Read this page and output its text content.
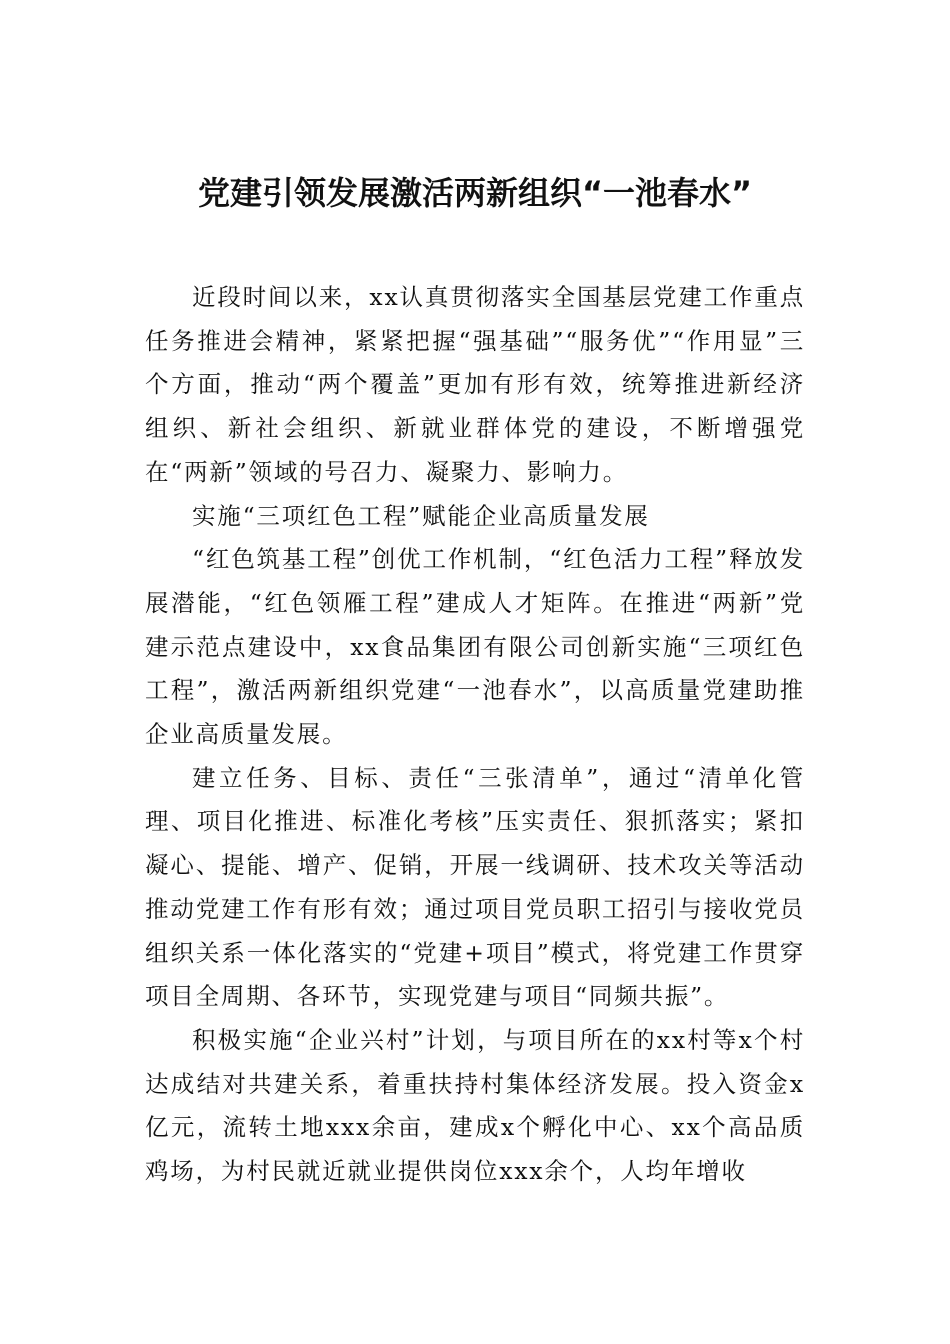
党建引领发展激活两新组织“一池春水”

近段时间以来，xx认真贯彻落实全国基层党建工作重点任务推进会精神，紧紧把握“强基础”“服务优”“作用显”三个方面，推动“两个覆盖”更加有形有效，统筹推进新经济组织、新社会组织、新就业群体党的建设，不断增强党在“两新”领域的号召力、凝聚力、影响力。

实施“三项红色工程”赋能企业高质量发展

“红色筑基工程”创优工作机制，“红色活力工程”释放发展潜能，“红色领雁工程”建成人才矩阵。在推进“两新”党建示范点建设中，xx食品集团有限公司创新实施“三项红色工程”，激活两新组织党建“一池春水”，以高质量党建助推企业高质量发展。

建立任务、目标、责任“三张清单”，通过“清单化管理、项目化推进、标准化考核”压实责任、狠抓落实；紧扣凝心、提能、增产、促销，开展一线调研、技术攻关等活动推动党建工作有形有效；通过项目党员职工招引与接收党员组织关系一体化落实的“党建+项目”模式，将党建工作贯穿项目全周期、各环节，实现党建与项目“同频共振”。

积极实施“企业兴村”计划，与项目所在的xx村等x个村达成结对共建关系，着重扶持村集体经济发展。投入资金x亿元，流转土地xxx余亩，建成x个孵化中心、xx个高品质鸡场，为村民就近就业提供岗位xxx余个，人均年增收
